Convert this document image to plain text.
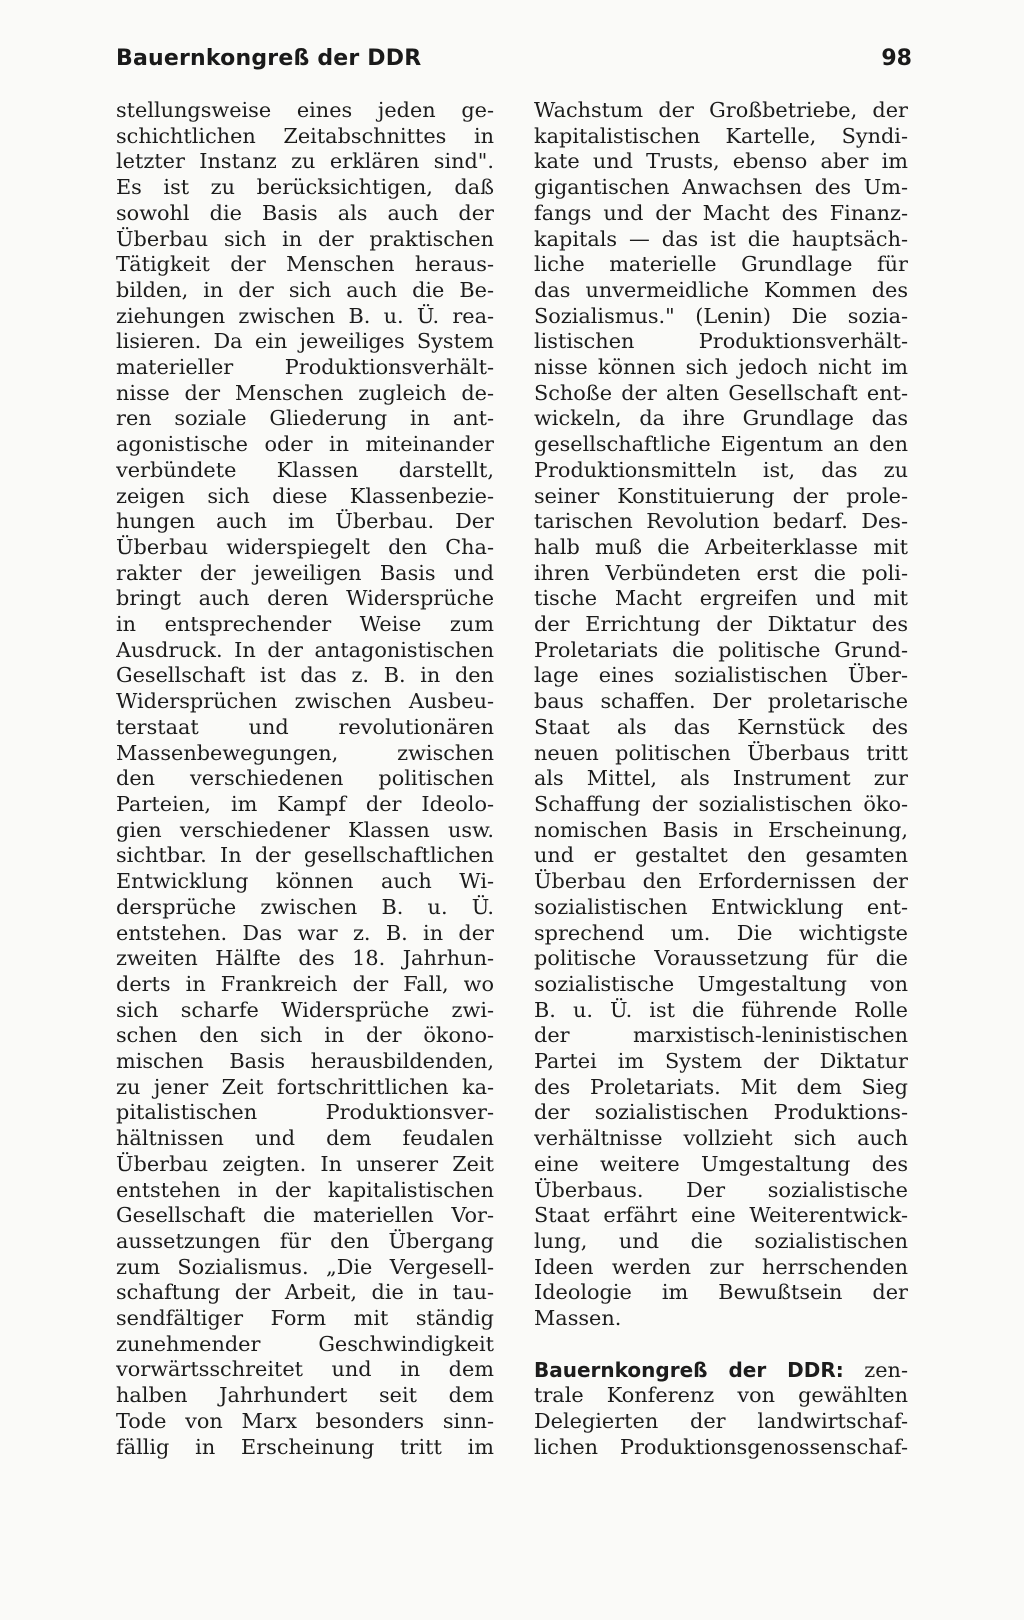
Bauernkongreß der DDR	98
stellungsweise eines jeden ge-
schichtlichen Zeitabschnittes in
letzter Instanz zu erklären sind".
Es ist zu berücksichtigen, daß
sowohl die Basis als auch der
Überbau sich in der praktischen
Tätigkeit der Menschen heraus-
bilden, in der sich auch die Be-
ziehungen zwischen B. u. Ü. rea-
lisieren. Da ein jeweiliges System
materieller Produktionsverhält-
nisse der Menschen zugleich de-
ren soziale Gliederung in ant-
agonistische oder in miteinander
verbündete Klassen darstellt,
zeigen sich diese Klassenbezie-
hungen auch im Überbau. Der
Überbau widerspiegelt den Cha-
rakter der jeweiligen Basis und
bringt auch deren Widersprüche
in entsprechender Weise zum
Ausdruck. In der antagonistischen
Gesellschaft ist das z. B. in den
Widersprüchen zwischen Ausbeu-
terstaat und revolutionären
Massenbewegungen, zwischen
den verschiedenen politischen
Parteien, im Kampf der Ideolo-
gien verschiedener Klassen usw.
sichtbar. In der gesellschaftlichen
Entwicklung können auch Wi-
dersprüche zwischen B. u. Ü.
entstehen. Das war z. B. in der
zweiten Hälfte des 18. Jahrhun-
derts in Frankreich der Fall, wo
sich scharfe Widersprüche zwi-
schen den sich in der ökono-
mischen Basis herausbildenden,
zu jener Zeit fortschrittlichen ka-
pitalistischen Produktionsver-
hältnissen und dem feudalen
Überbau zeigten. In unserer Zeit
entstehen in der kapitalistischen
Gesellschaft die materiellen Vor-
aussetzungen für den Übergang
zum Sozialismus. „Die Vergesell-
schaftung der Arbeit, die in tau-
sendfältiger Form mit ständig
zunehmender Geschwindigkeit
vorwärtsschreitet und in dem
halben Jahrhundert seit dem
Tode von Marx besonders sinn-
fällig in Erscheinung tritt im
Wachstum der Großbetriebe, der
kapitalistischen Kartelle, Syndi-
kate und Trusts, ebenso aber im
gigantischen Anwachsen des Um-
fangs und der Macht des Finanz-
kapitals — das ist die hauptsäch-
liche materielle Grundlage für
das unvermeidliche Kommen des
Sozialismus." (Lenin) Die sozia-
listischen Produktionsverhält-
nisse können sich jedoch nicht im
Schoße der alten Gesellschaft ent-
wickeln, da ihre Grundlage das
gesellschaftliche Eigentum an den
Produktionsmitteln ist, das zu
seiner Konstituierung der prole-
tarischen Revolution bedarf. Des-
halb muß die Arbeiterklasse mit
ihren Verbündeten erst die poli-
tische Macht ergreifen und mit
der Errichtung der Diktatur des
Proletariats die politische Grund-
lage eines sozialistischen Über-
baus schaffen. Der proletarische
Staat als das Kernstück des
neuen politischen Überbaus tritt
als Mittel, als Instrument zur
Schaffung der sozialistischen öko-
nomischen Basis in Erscheinung,
und er gestaltet den gesamten
Überbau den Erfordernissen der
sozialistischen Entwicklung ent-
sprechend um. Die wichtigste
politische Voraussetzung für die
sozialistische Umgestaltung von
B. u. Ü. ist die führende Rolle
der marxistisch-leninistischen
Partei im System der Diktatur
des Proletariats. Mit dem Sieg
der sozialistischen Produktions-
verhältnisse vollzieht sich auch
eine weitere Umgestaltung des
Überbaus. Der sozialistische
Staat erfährt eine Weiterentwick-
lung, und die sozialistischen
Ideen werden zur herrschenden
Ideologie im Bewußtsein der
Massen.
Bauernkongreß der DDR: zen-
trale Konferenz von gewählten
Delegierten der landwirtschaf-
lichen Produktionsgenossenschaf-
